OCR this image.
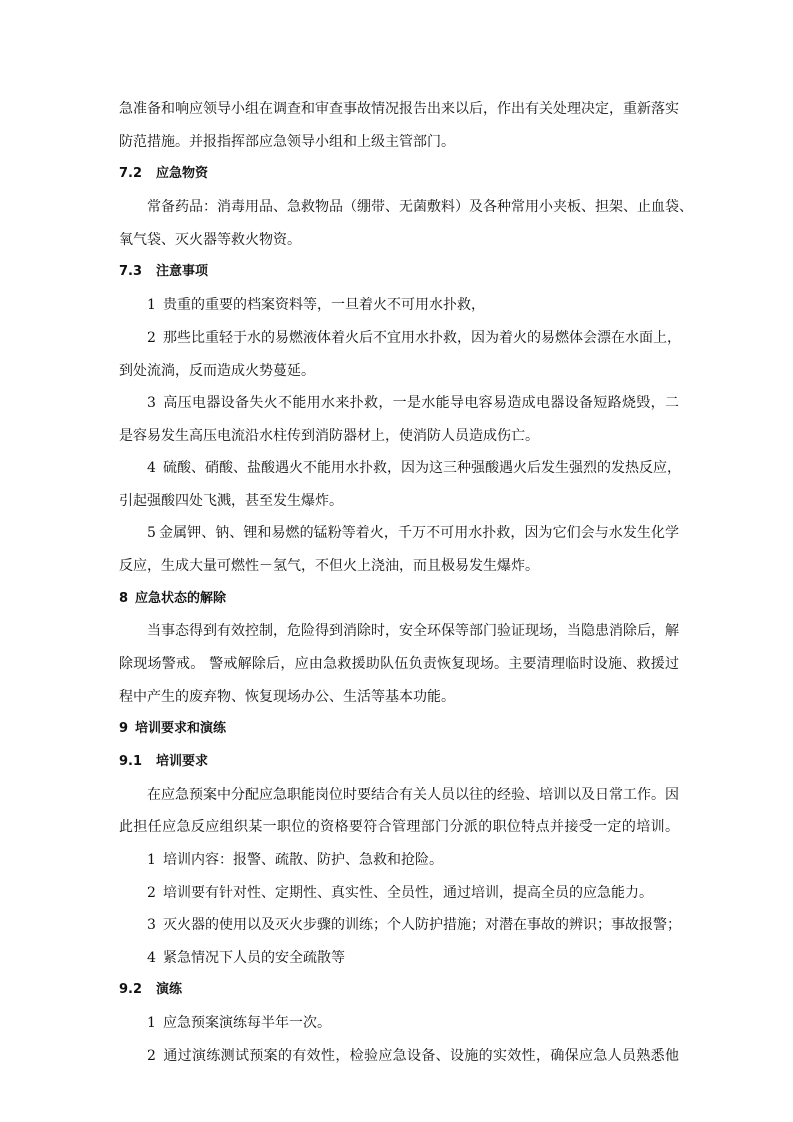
急准备和响应领导小组在调查和审查事故情况报告出来以后，作出有关处理决定，重新落实
防范措施。并报指挥部应急领导小组和上级主管部门。
7.2 应急物资
常备药品：消毒用品、急救物品（绷带、无菌敷料）及各种常用小夹板、担架、止血袋、
氧气袋、灭火器等救火物资。
7.3 注意事项
1 贵重的重要的档案资料等，一旦着火不可用水扑救，
2 那些比重轻于水的易燃液体着火后不宜用水扑救，因为着火的易燃体会漂在水面上，
到处流淌，反而造成火势蔓延。
3 高压电器设备失火不能用水来扑救，一是水能导电容易造成电器设备短路烧毁，二
是容易发生高压电流沿水柱传到消防器材上，使消防人员造成伤亡。
4 硫酸、硝酸、盐酸遇火不能用水扑救，因为这三种强酸遇火后发生强烈的发热反应，
引起强酸四处飞溅，甚至发生爆炸。
5 金属钾、钠、锂和易燃的锰粉等着火，千万不可用水扑救，因为它们会与水发生化学
反应，生成大量可燃性－氢气，不但火上浇油，而且极易发生爆炸。
8 应急状态的解除
当事态得到有效控制，危险得到消除时，安全环保等部门验证现场，当隐患消除后，解
除现场警戒。 警戒解除后，应由急救援助队伍负责恢复现场。主要清理临时设施、救援过
程中产生的废弃物、恢复现场办公、生活等基本功能。
9 培训要求和演练
9.1 培训要求
在应急预案中分配应急职能岗位时要结合有关人员以往的经验、培训以及日常工作。因
此担任应急反应组织某一职位的资格要符合管理部门分派的职位特点并接受一定的培训。
1 培训内容：报警、疏散、防护、急救和抢险。
2 培训要有针对性、定期性、真实性、全员性，通过培训，提高全员的应急能力。
3 灭火器的使用以及灭火步骤的训练；个人防护措施；对潜在事故的辨识；事故报警；
4 紧急情况下人员的安全疏散等
9.2 演练
1 应急预案演练每半年一次。
2 通过演练测试预案的有效性，检验应急设备、设施的实效性，确保应急人员熟悉他
